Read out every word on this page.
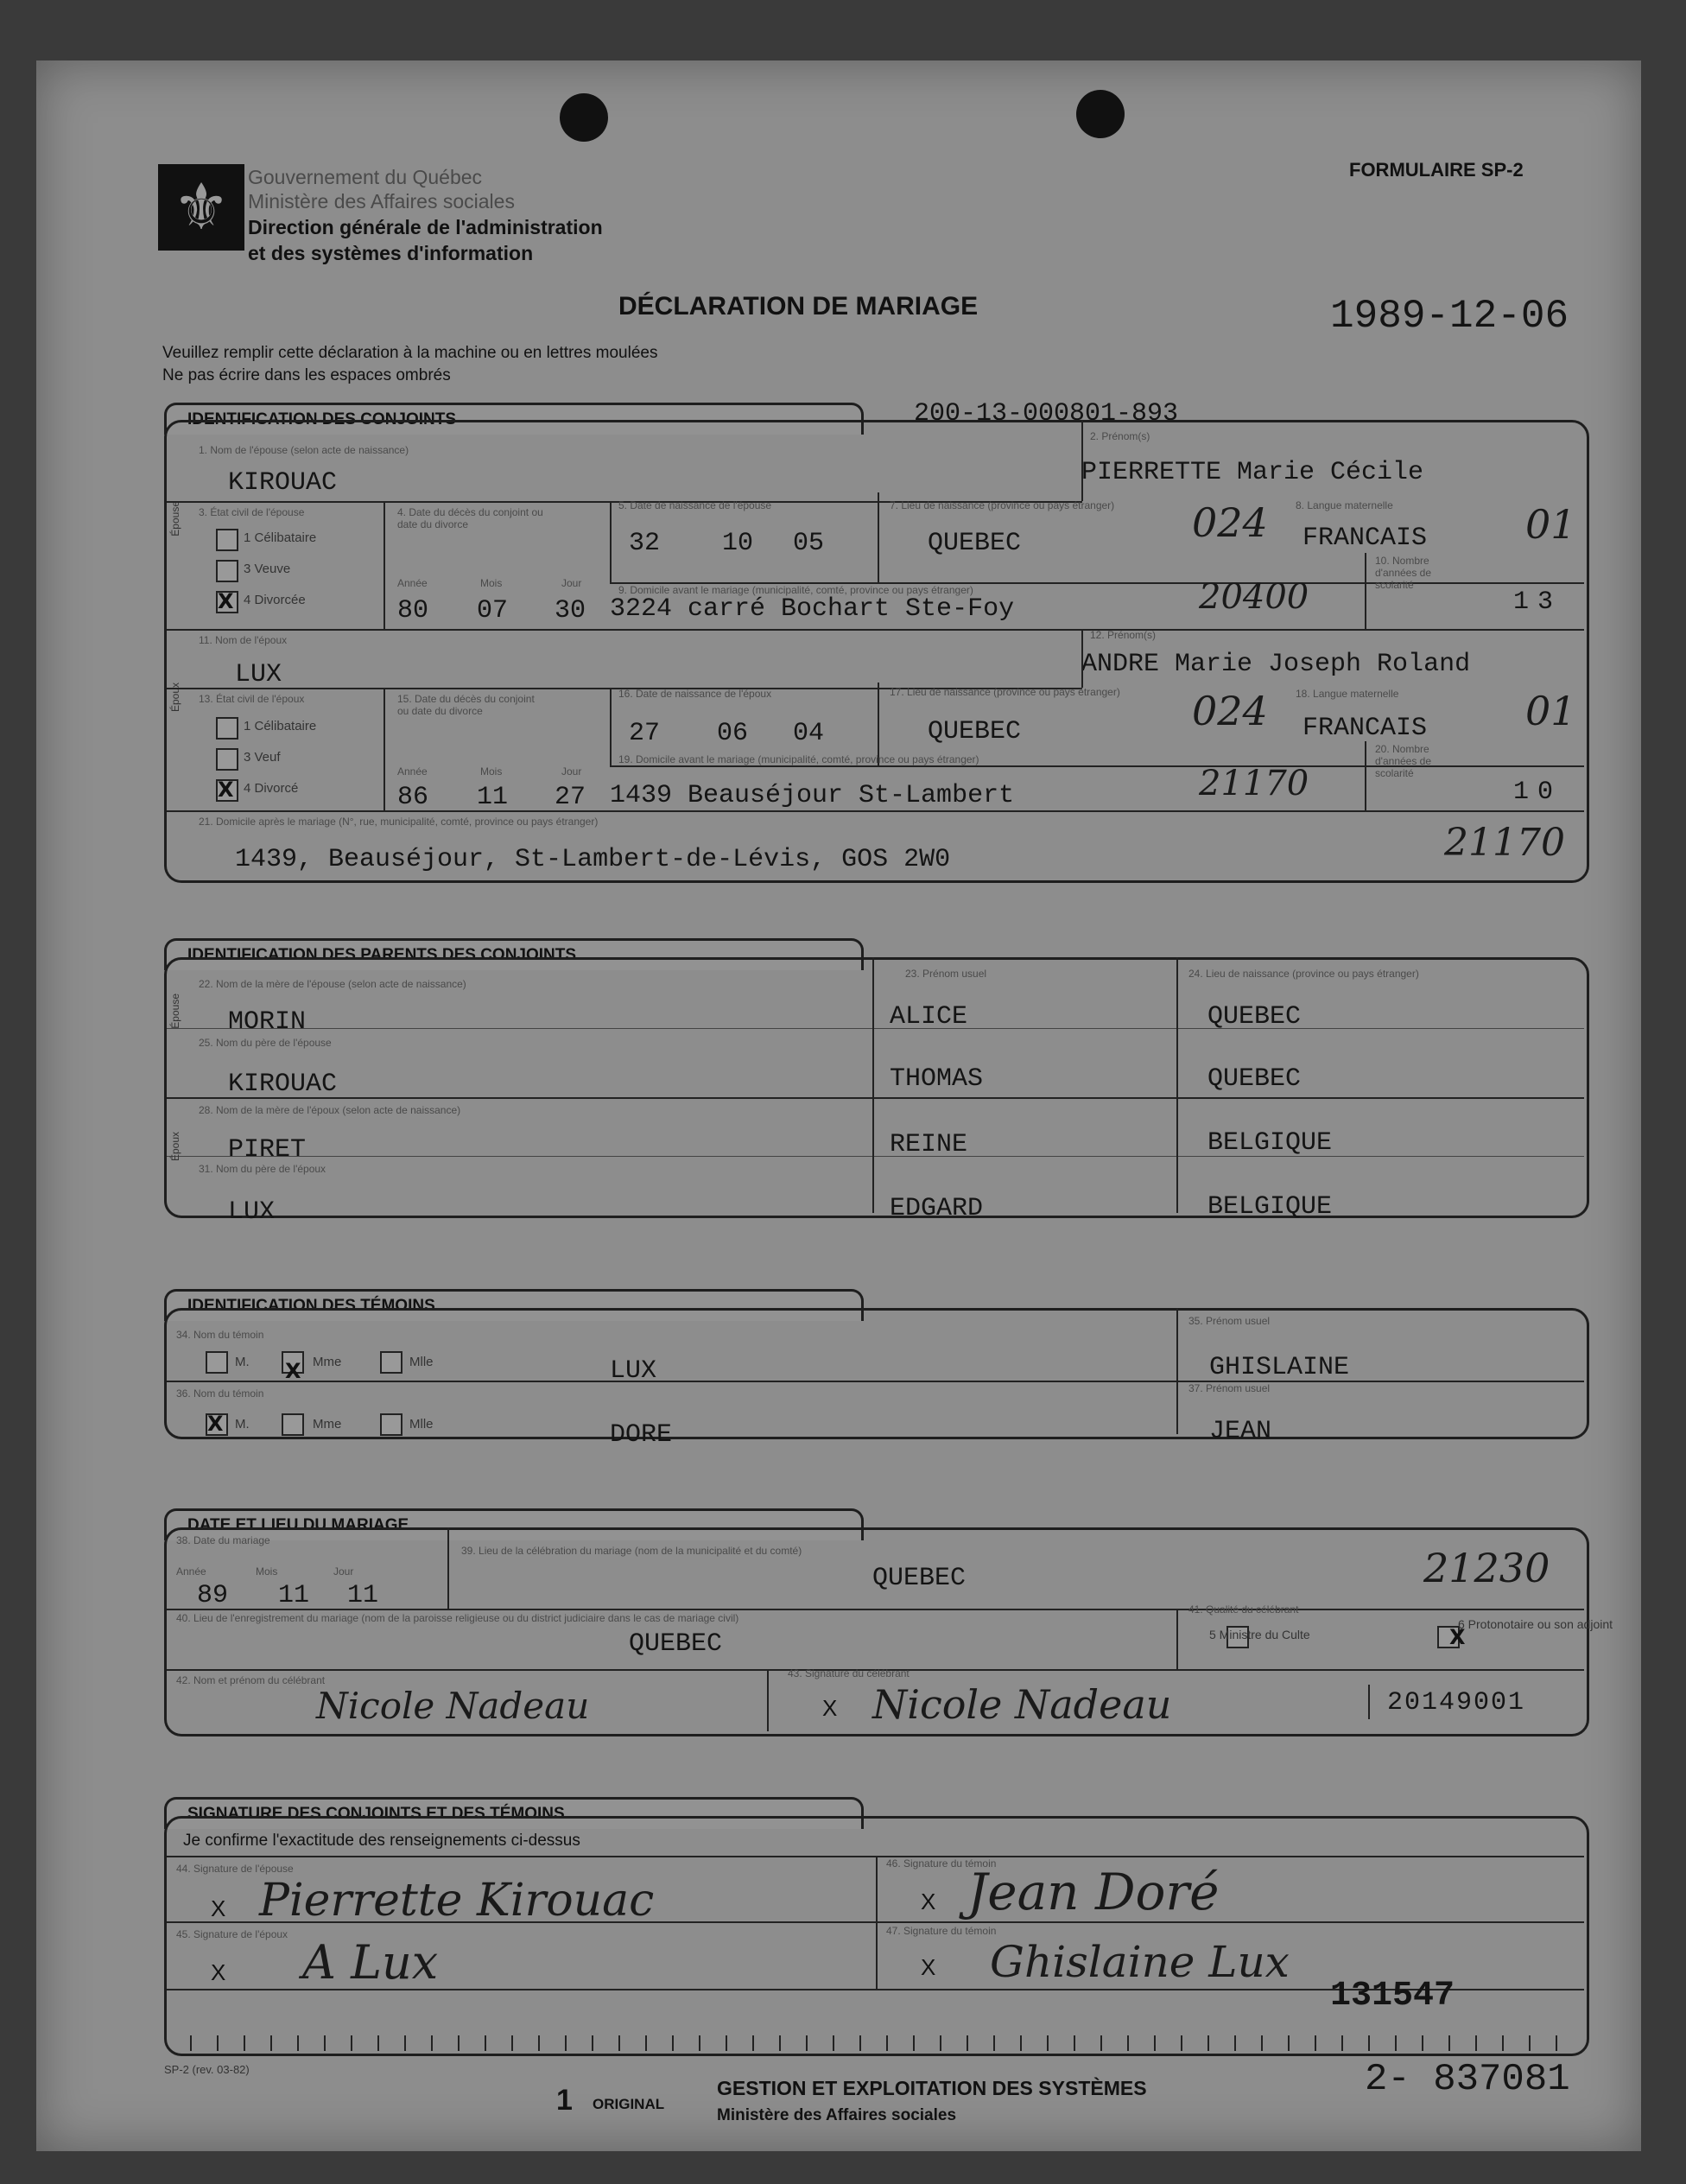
⚜ Gouvernement du Québec
Ministère des Affaires sociales
Direction générale de l'administration
et des systèmes d'information
FORMULAIRE SP-2
DÉCLARATION DE MARIAGE	1989-12-06
Veuillez remplir cette déclaration à la machine ou en lettres moulées
Ne pas écrire dans les espaces ombrés
200-13-000801-893
IDENTIFICATION DES CONJOINTS
Épouse
Époux
1. Nom de l'épouse (selon acte de naissance)
KIROUAC
2. Prénom(s)
PIERRETTE Marie Cécile
3. État civil de l'épouse
1 Célibataire
3 Veuve
X 4 Divorcée
4. Date du décès du conjoint ou date du divorce
Année	Mois	Jour
80 07 30
5. Date de naissance de l'épouse
32 10 05
7. Lieu de naissance (province ou pays étranger)
QUEBEC	024	8. Langue maternelle
FRANCAIS 01
9. Domicile avant le mariage (municipalité, comté, province ou pays étranger)
3224 carré Bochart Ste-Foy	20400
10. Nombre d'années de scolarité
13
11. Nom de l'époux
LUX
12. Prénom(s)
ANDRE Marie Joseph Roland
13. État civil de l'époux
1 Célibataire
3 Veuf
X 4 Divorcé
15. Date du décès du conjoint ou date du divorce
Année	Mois	Jour
86 11 27
16. Date de naissance de l'époux
27 06 04
17. Lieu de naissance (province ou pays étranger)
QUEBEC	024	18. Langue maternelle
FRANCAIS 01
19. Domicile avant le mariage (municipalité, comté, province ou pays étranger)
1439 Beauséjour St-Lambert	21170
20. Nombre d'années de scolarité
10
21. Domicile après le mariage (N°, rue, municipalité, comté, province ou pays étranger)
1439, Beauséjour, St-Lambert-de-Lévis, GOS 2W0	21170
IDENTIFICATION DES PARENTS DES CONJOINTS
Épouse
Époux
22. Nom de la mère de l'épouse (selon acte de naissance)
MORIN
23. Prénom usuel
ALICE
24. Lieu de naissance (province ou pays étranger)
QUEBEC
25. Nom du père de l'épouse
KIROUAC	THOMAS	QUEBEC
28. Nom de la mère de l'époux (selon acte de naissance)
PIRET	REINE	BELGIQUE
31. Nom du père de l'époux
LUX	EDGARD	BELGIQUE
IDENTIFICATION DES TÉMOINS
34. Nom du témoin
M. X Mme	Mlle	LUX
35. Prénom usuel
GHISLAINE
36. Nom du témoin
X M.	Mme	Mlle	DORE
37. Prénom usuel
JEAN
DATE ET LIEU DU MARIAGE
38. Date du mariage
Année	Mois	Jour
89 11 11
39. Lieu de la célébration du mariage (nom de la municipalité et du comté)
QUEBEC	21230
40. Lieu de l'enregistrement du mariage (nom de la paroisse religieuse ou du district judiciaire dans le cas de mariage civil)
QUEBEC
41. Qualité du célébrant
5 Ministre du Culte	X
6 Protonotaire ou son adjoint
42. Nom et prénom du célébrant
Nicole Nadeau
43. Signature du célébrant
X Nicole Nadeau	20149001
SIGNATURE DES CONJOINTS ET DES TÉMOINS
Je confirme l'exactitude des renseignements ci-dessus
44. Signature de l'épouse
X Pierrette Kirouac
46. Signature du témoin
X Jean Doré
45. Signature de l'époux
X A Lux
47. Signature du témoin
X Ghislaine Lux
131547
SP-2 (rev. 03-82)
1 ORIGINAL
GESTION ET EXPLOITATION DES SYSTÈMES
Ministère des Affaires sociales
2- 837081
